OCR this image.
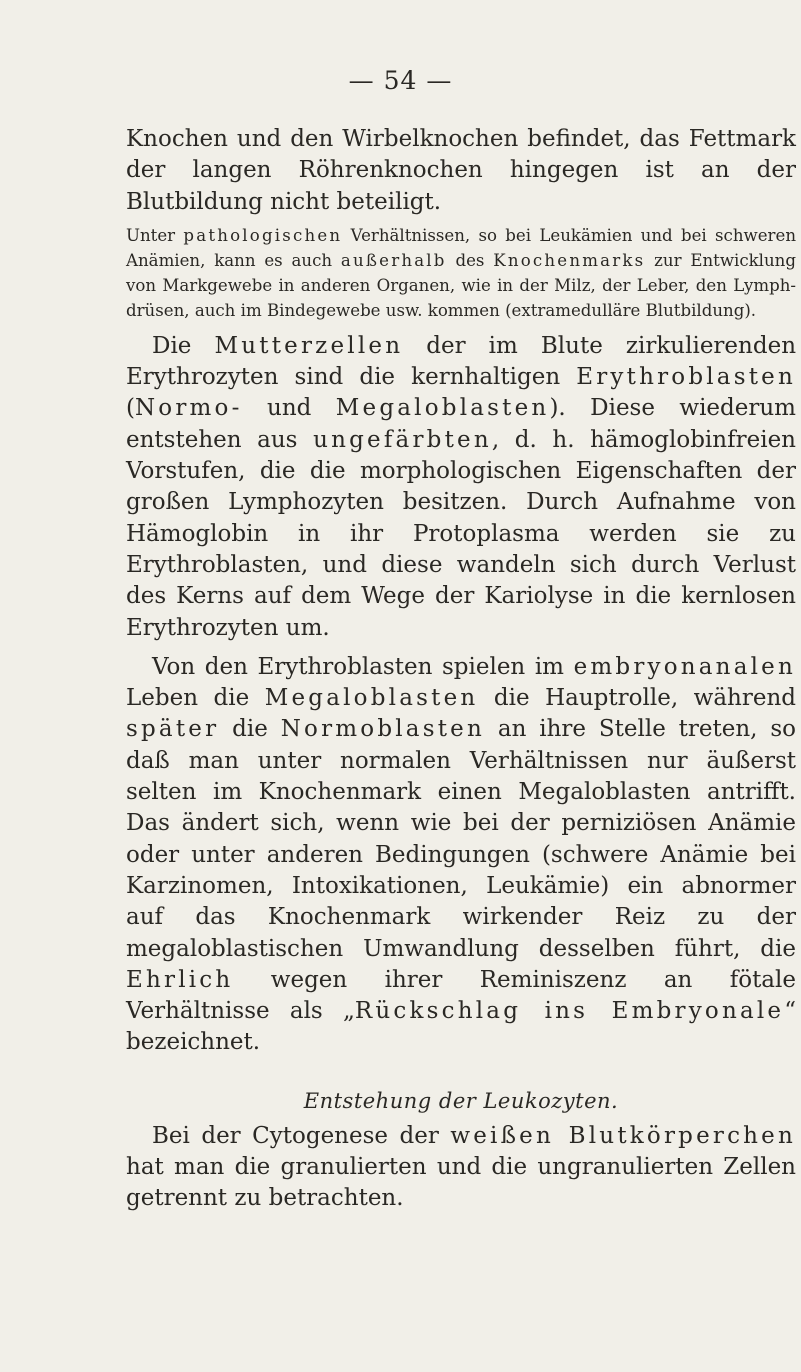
— 54 —

Knochen und den Wirbelknochen befindet, das Fettmark der langen Röhrenknochen hingegen ist an der Blutbildung nicht beteiligt.

Unter pathologischen Verhältnissen, so bei Leukämien und bei schweren Anämien, kann es auch außerhalb des Knochenmarks zur Entwicklung von Markgewebe in anderen Organen, wie in der Milz, der Leber, den Lymphdrüsen, auch im Bindegewebe usw. kommen (extramedulläre Blutbildung).

Die Mutterzellen der im Blute zirkulierenden Erythrozyten sind die kernhaltigen Erythroblasten (Normo- und Megaloblasten). Diese wiederum entstehen aus ungefärbten, d. h. hämoglobinfreien Vorstufen, die die morphologischen Eigenschaften der großen Lymphozyten besitzen. Durch Aufnahme von Hämoglobin in ihr Protoplasma werden sie zu Erythroblasten, und diese wandeln sich durch Verlust des Kerns auf dem Wege der Kariolyse in die kernlosen Erythrozyten um.

Von den Erythroblasten spielen im embryonanalen Leben die Megaloblasten die Hauptrolle, während später die Normoblasten an ihre Stelle treten, so daß man unter normalen Verhältnissen nur äußerst selten im Knochenmark einen Megaloblasten antrifft. Das ändert sich, wenn wie bei der perniziösen Anämie oder unter anderen Bedingungen (schwere Anämie bei Karzinomen, Intoxikationen, Leukämie) ein abnormer auf das Knochenmark wirkender Reiz zu der megaloblastischen Umwandlung desselben führt, die Ehrlich wegen ihrer Reminiszenz an fötale Verhältnisse als „Rückschlag ins Embryonale“ bezeichnet.

Entstehung der Leukozyten.

Bei der Cytogenese der weißen Blutkörperchen hat man die granulierten und die ungranulierten Zellen getrennt zu betrachten.
